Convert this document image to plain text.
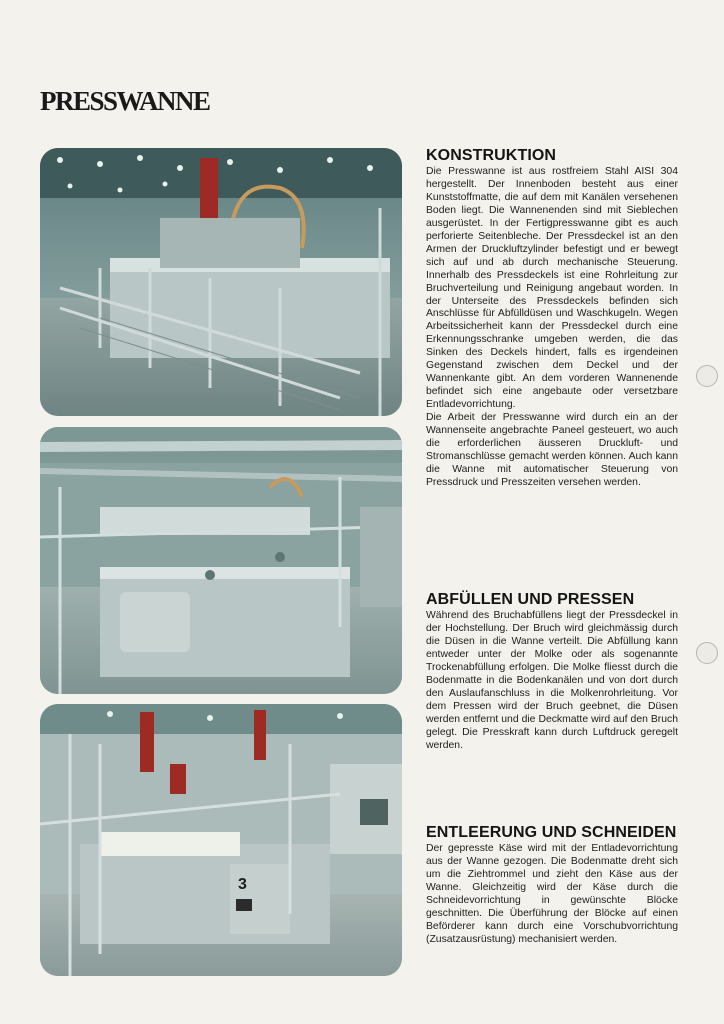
PRESSWANNE
3
KONSTRUKTION

Die Presswanne ist aus rostfreiem Stahl AISI 304 hergestellt. Der Innenboden besteht aus einer Kunststoffmatte, die auf dem mit Kanälen versehenen Boden liegt. Die Wannenenden sind mit Sieblechen ausgerüstet. In der Fertigpresswanne gibt es auch perforierte Seitenbleche. Der Pressdeckel ist an den Armen der Druckluftzylinder befestigt und er bewegt sich auf und ab durch mechanische Steuerung. Innerhalb des Pressdeckels ist eine Rohrleitung zur Bruchverteilung und Reinigung angebaut worden. In der Unterseite des Pressdeckels befinden sich Anschlüsse für Abfülldüsen und Waschkugeln. Wegen Arbeitssicherheit kann der Pressdeckel durch eine Erkennungsschranke umgeben werden, die das Sinken des Deckels hindert, falls es irgendeinen Gegenstand zwischen dem Deckel und der Wannenkante gibt. An dem vorderen Wannenende befindet sich eine angebaute oder versetzbare Entladevorrichtung.

Die Arbeit der Presswanne wird durch ein an der Wannenseite angebrachte Paneel gesteuert, wo auch die erforderlichen äusseren Druckluft- und Stromanschlüsse gemacht werden können. Auch kann die Wanne mit automatischer Steuerung von Pressdruck und Presszeiten versehen werden.

ABFÜLLEN UND PRESSEN

Während des Bruchabfüllens liegt der Pressdeckel in der Hochstellung. Der Bruch wird gleichmässig durch die Düsen in die Wanne verteilt. Die Abfüllung kann entweder unter der Molke oder als sogenannte Trockenabfüllung erfolgen. Die Molke fliesst durch die Bodenmatte in die Bodenkanälen und von dort durch den Auslaufanschluss in die Molkenrohrleitung. Vor dem Pressen wird der Bruch geebnet, die Düsen werden entfernt und die Deckmatte wird auf den Bruch gelegt. Die Presskraft kann durch Luftdruck geregelt werden.

ENTLEERUNG UND SCHNEIDEN

Der gepresste Käse wird mit der Entladevorrichtung aus der Wanne gezogen. Die Bodenmatte dreht sich um die Ziehtrommel und zieht den Käse aus der Wanne. Gleichzeitig wird der Käse durch die Schneidevorrichtung in gewünschte Blöcke geschnitten. Die Überführung der Blöcke auf einen Beförderer kann durch eine Vorschubvorrichtung (Zusatzausrüstung) mechanisiert werden.
